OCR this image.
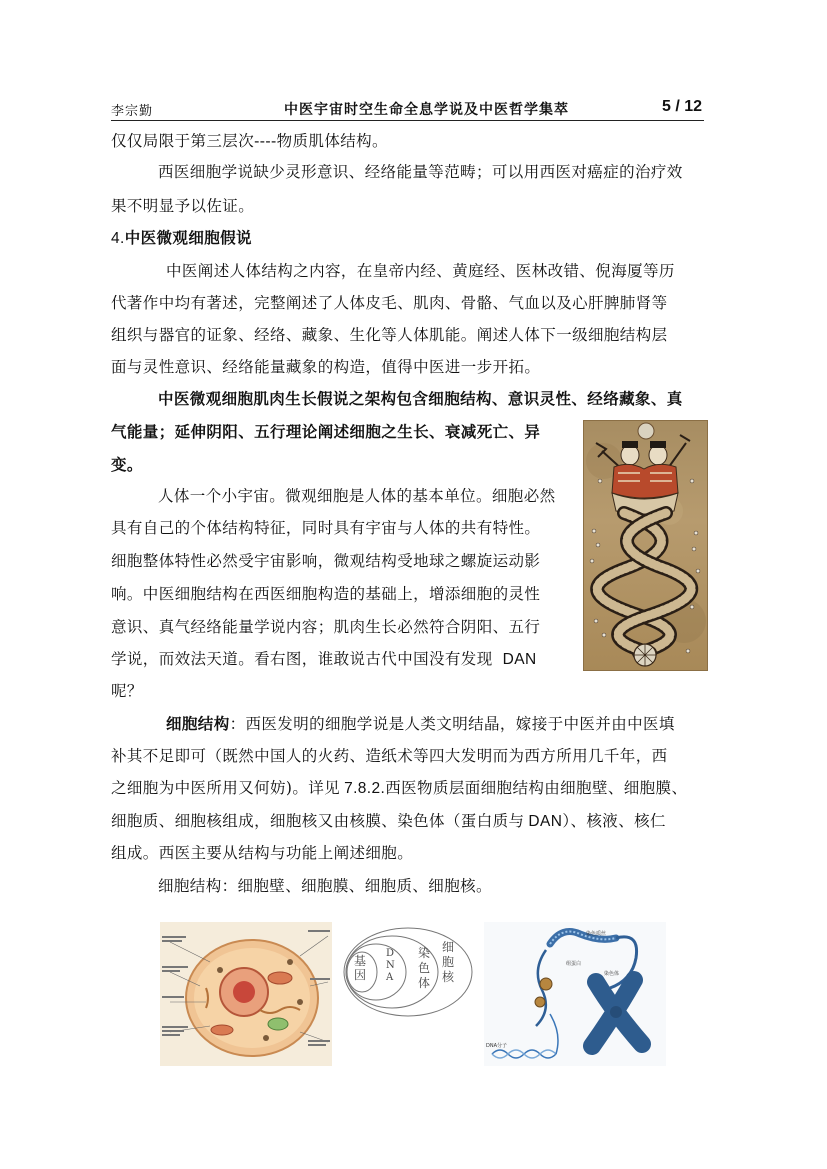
李宗勤	中医宇宙时空生命全息学说及中医哲学集萃	5 / 12
仅仅局限于第三层次----物质肌体结构。
西医细胞学说缺少灵形意识、经络能量等范畴；可以用西医对癌症的治疗效
果不明显予以佐证。
4.中医微观细胞假说
中医阐述人体结构之内容，在皇帝内经、黄庭经、医林改错、倪海厦等历
代著作中均有著述，完整阐述了人体皮毛、肌肉、骨骼、气血以及心肝脾肺肾等
组织与器官的证象、经络、藏象、生化等人体肌能。阐述人体下一级细胞结构层
面与灵性意识、经络能量藏象的构造，值得中医进一步开拓。
中医微观细胞肌肉生长假说之架构包含细胞结构、意识灵性、经络藏象、真
气能量；延伸阴阳、五行理论阐述细胞之生长、衰减死亡、异
变。
人体一个小宇宙。微观细胞是人体的基本单位。细胞必然
具有自己的个体结构特征，同时具有宇宙与人体的共有特性。
细胞整体特性必然受宇宙影响，微观结构受地球之螺旋运动影
响。中医细胞结构在西医细胞构造的基础上，增添细胞的灵性
意识、真气经络能量学说内容；肌肉生长必然符合阴阳、五行
学说，而效法天道。看右图，谁敢说古代中国没有发现 DAN
呢？
细胞结构：西医发明的细胞学说是人类文明结晶，嫁接于中医并由中医填
补其不足即可（既然中国人的火药、造纸术等四大发明而为西方所用几千年，西
之细胞为中医所用又何妨)。详见 7.8.2.西医物质层面细胞结构由细胞壁、细胞膜、
细胞质、细胞核组成，细胞核又由核膜、染色体（蛋白质与 DAN）、核液、核仁
组成。西医主要从结构与功能上阐述细胞。
细胞结构：细胞壁、细胞膜、细胞质、细胞核。
基因
DNA
染色体
细胞核
染色质丝
组蛋白
染色体
DNA分子
